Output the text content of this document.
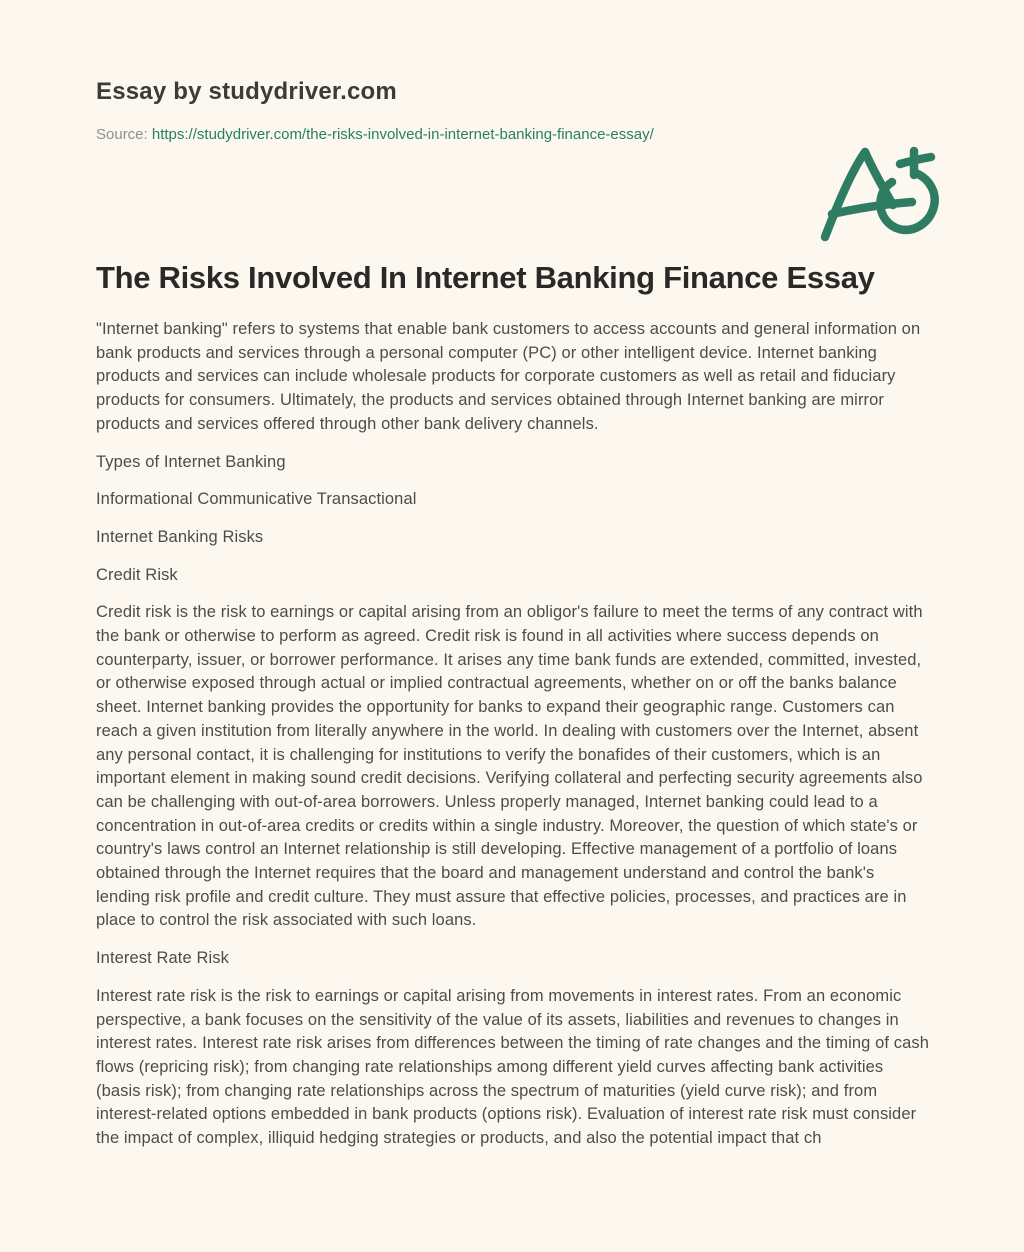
Essay by studydriver.com
Source: https://studydriver.com/the-risks-involved-in-internet-banking-finance-essay/
The Risks Involved In Internet Banking Finance Essay

"Internet banking" refers to systems that enable bank customers to access accounts and general information on bank products and services through a personal computer (PC) or other intelligent device. Internet banking products and services can include wholesale products for corporate customers as well as retail and fiduciary products for consumers. Ultimately, the products and services obtained through Internet banking are mirror products and services offered through other bank delivery channels.

Types of Internet Banking

Informational Communicative Transactional

Internet Banking Risks

Credit Risk

Credit risk is the risk to earnings or capital arising from an obligor's failure to meet the terms of any contract with the bank or otherwise to perform as agreed. Credit risk is found in all activities where success depends on counterparty, issuer, or borrower performance. It arises any time bank funds are extended, committed, invested, or otherwise exposed through actual or implied contractual agreements, whether on or off the banks balance sheet. Internet banking provides the opportunity for banks to expand their geographic range. Customers can reach a given institution from literally anywhere in the world. In dealing with customers over the Internet, absent any personal contact, it is challenging for institutions to verify the bonafides of their customers, which is an important element in making sound credit decisions. Verifying collateral and perfecting security agreements also can be challenging with out-of-area borrowers. Unless properly managed, Internet banking could lead to a concentration in out-of-area credits or credits within a single industry. Moreover, the question of which state's or country's laws control an Internet relationship is still developing. Effective management of a portfolio of loans obtained through the Internet requires that the board and management understand and control the bank's lending risk profile and credit culture. They must assure that effective policies, processes, and practices are in place to control the risk associated with such loans.

Interest Rate Risk

Interest rate risk is the risk to earnings or capital arising from movements in interest rates. From an economic perspective, a bank focuses on the sensitivity of the value of its assets, liabilities and revenues to changes in interest rates. Interest rate risk arises from differences between the timing of rate changes and the timing of cash flows (repricing risk); from changing rate relationships among different yield curves affecting bank activities (basis risk); from changing rate relationships across the spectrum of maturities (yield curve risk); and from interest-related options embedded in bank products (options risk). Evaluation of interest rate risk must consider the impact of complex, illiquid hedging strategies or products, and also the potential impact that ch
